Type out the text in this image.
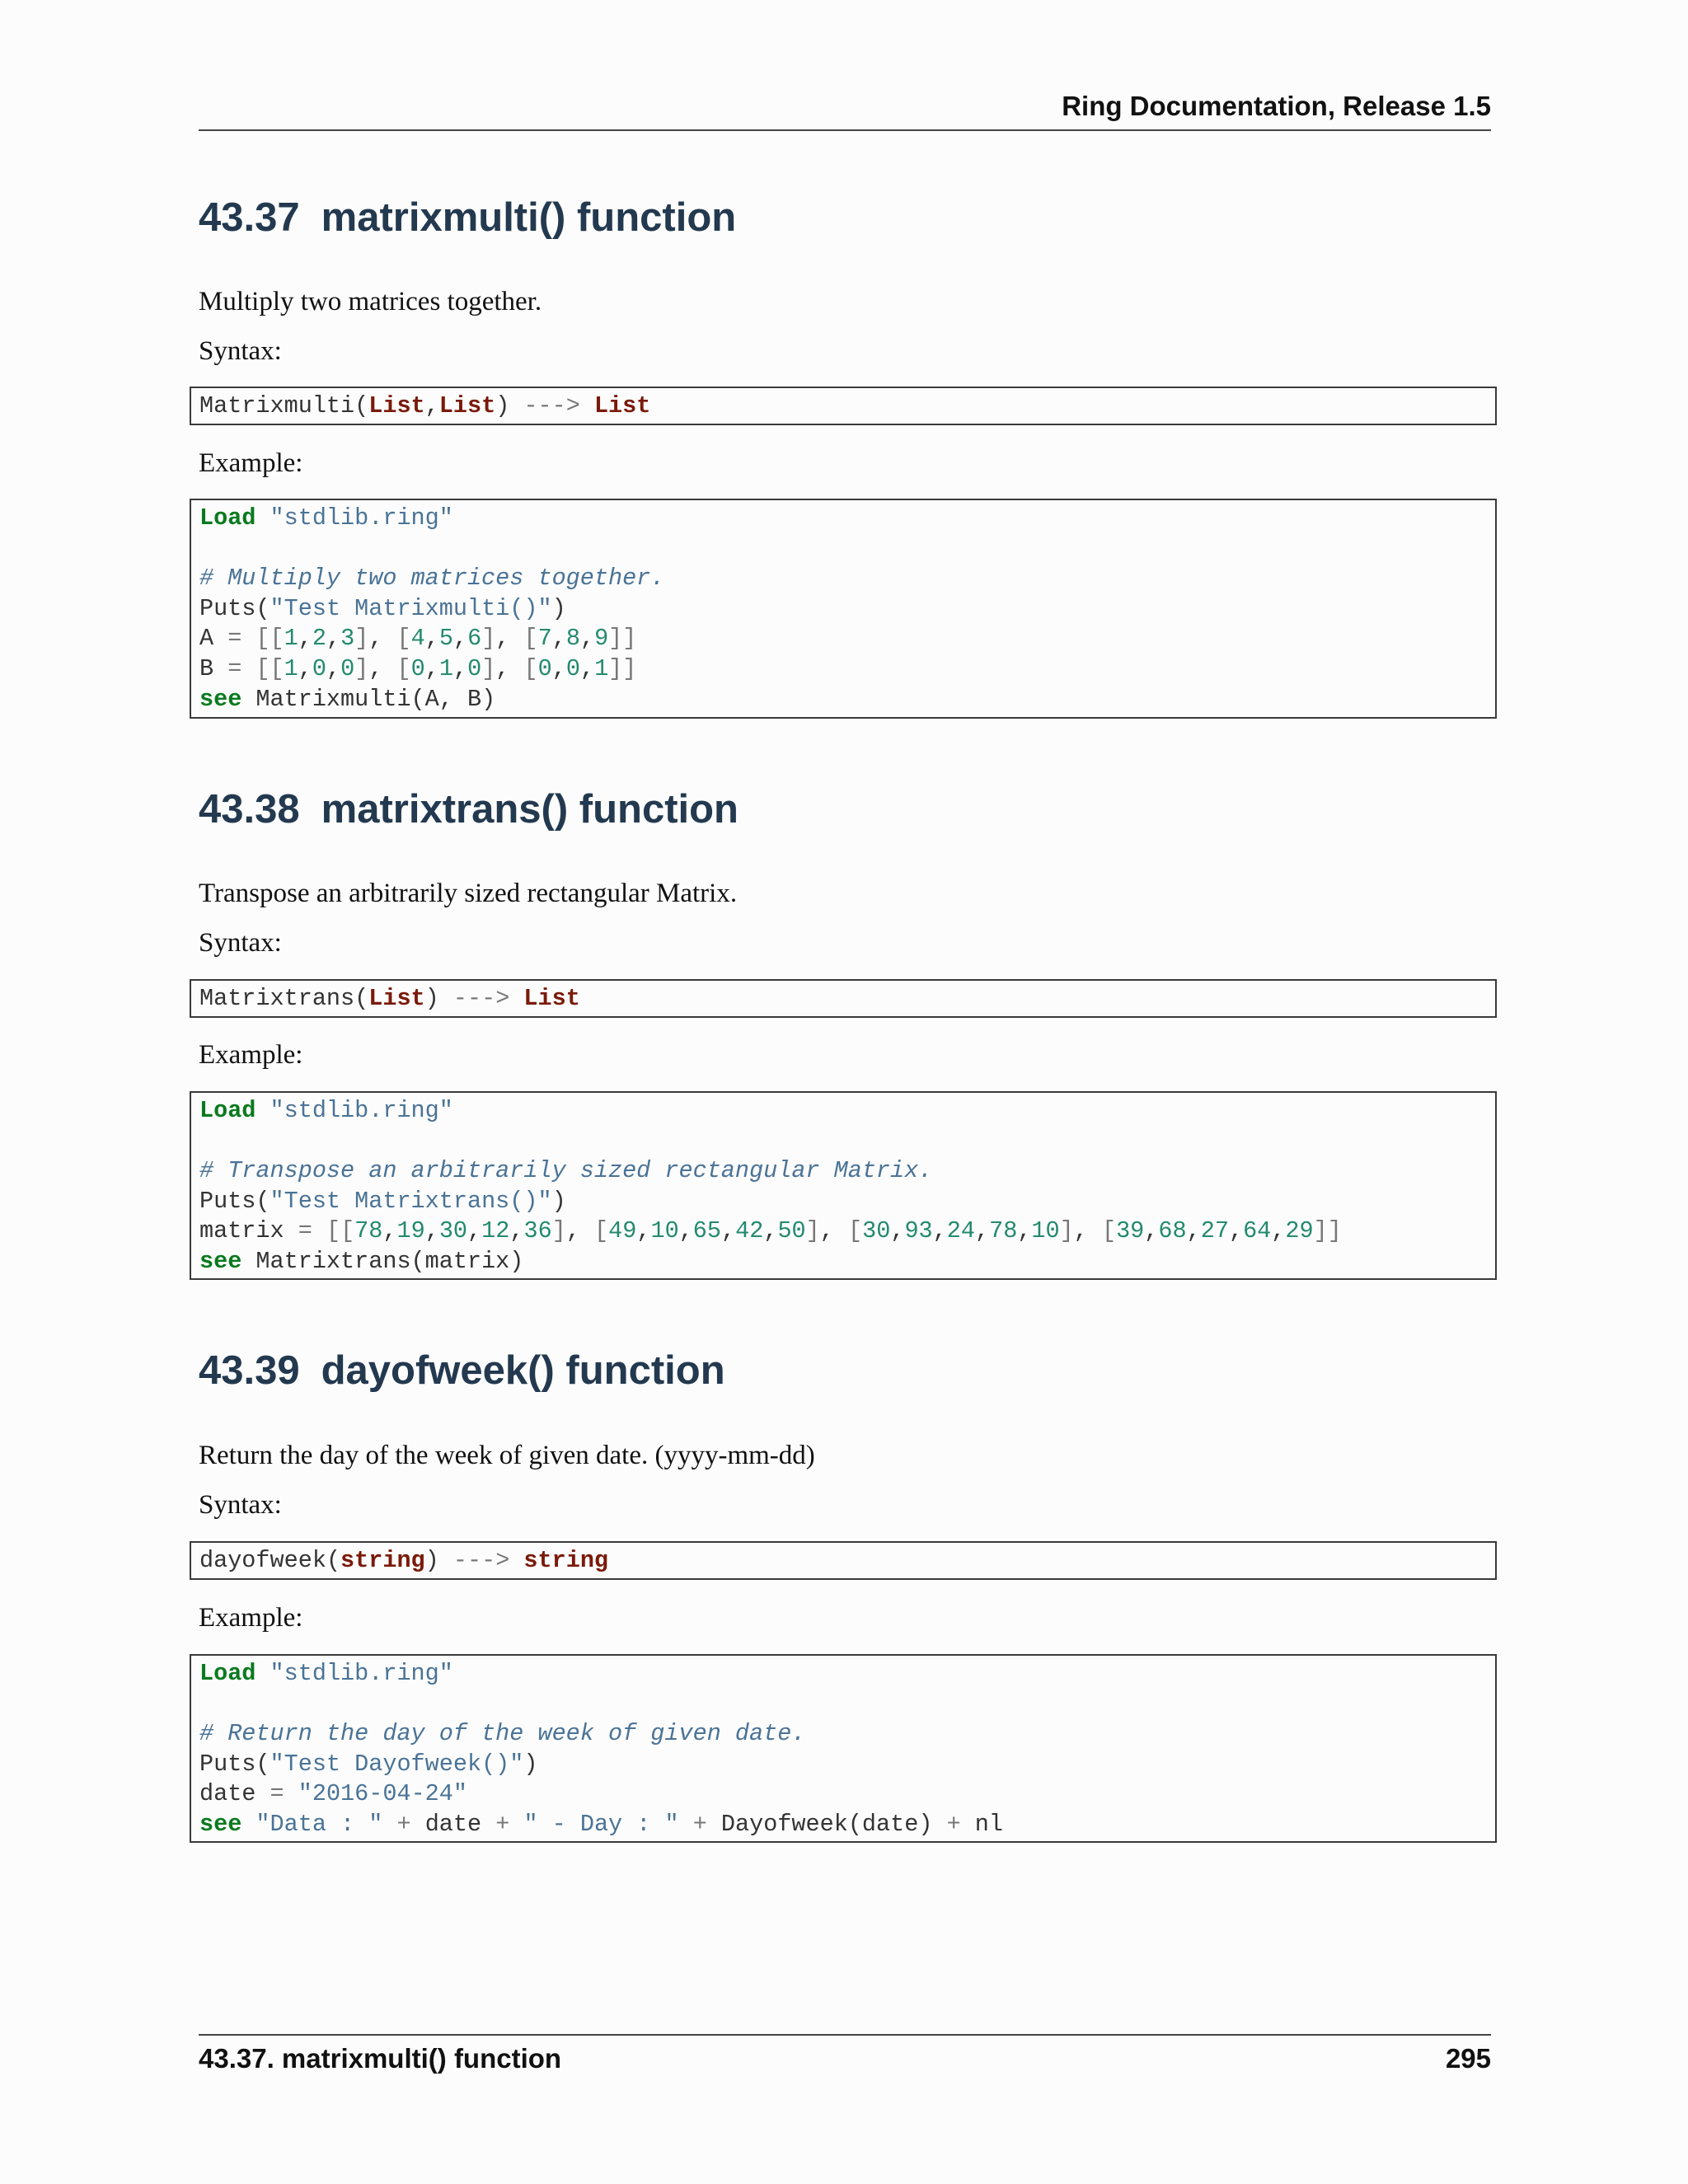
Ring Documentation, Release 1.5
43.37 matrixmulti() function

Multiply two matrices together.

Syntax:

Matrixmulti(List,List) ---> List

Example:

Load "stdlib.ring"
# Multiply two matrices together.
Puts("Test Matrixmulti()")
A = [[1,2,3], [4,5,6], [7,8,9]]
B = [[1,0,0], [0,1,0], [0,0,1]]
see Matrixmulti(A, B)
43.38 matrixtrans() function

Transpose an arbitrarily sized rectangular Matrix.

Syntax:

Matrixtrans(List) ---> List

Example:

Load "stdlib.ring"
# Transpose an arbitrarily sized rectangular Matrix.
Puts("Test Matrixtrans()")
matrix = [[78,19,30,12,36], [49,10,65,42,50], [30,93,24,78,10], [39,68,27,64,29]]
see Matrixtrans(matrix)
43.39 dayofweek() function

Return the day of the week of given date. (yyyy-mm-dd)

Syntax:

dayofweek(string) ---> string

Example:

Load "stdlib.ring"
# Return the day of the week of given date.
Puts("Test Dayofweek()")
date = "2016-04-24"
see "Data : " + date + " - Day : " + Dayofweek(date) + nl
43.37. matrixmulti() function	295
